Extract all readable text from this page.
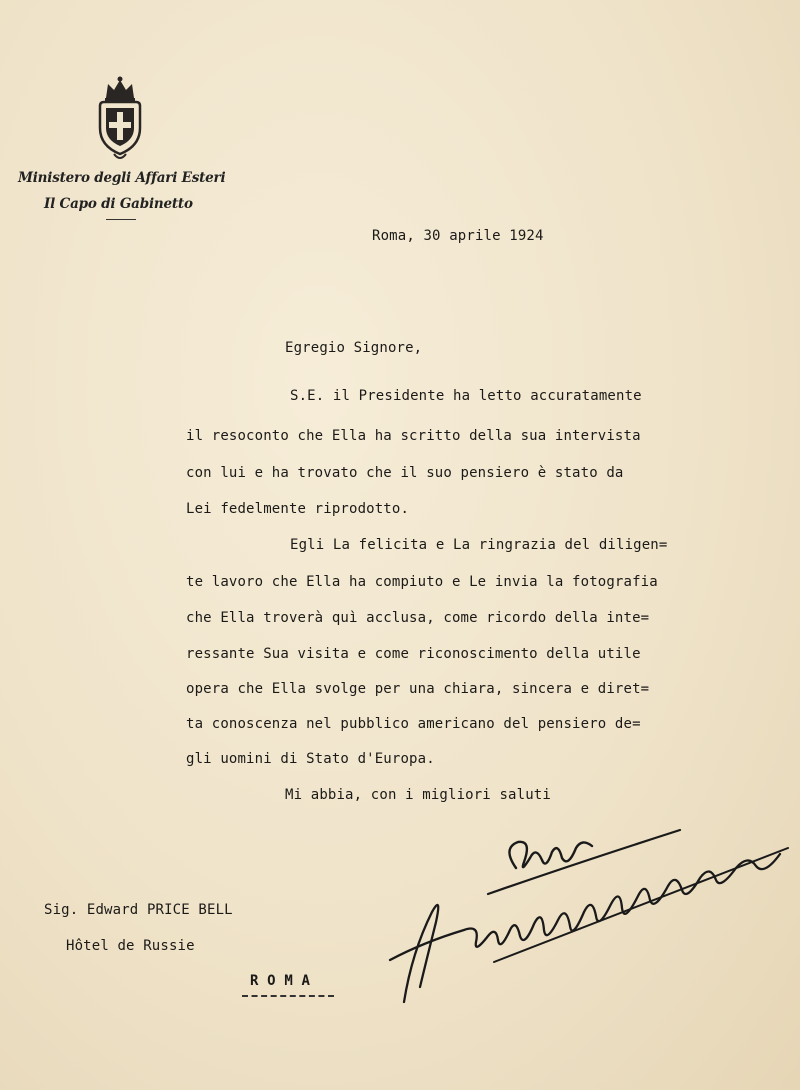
Ministero degli Affari Esteri
Il Capo di Gabinetto
Roma, 30 aprile 1924
Egregio Signore,
S.E. il Presidente ha letto accuratamente
il resoconto che Ella ha scritto della sua intervista
con lui e ha trovato che il suo pensiero è stato da
Lei fedelmente riprodotto.
Egli La felicita e La ringrazia del diligen=
te lavoro che Ella ha compiuto e Le invia la fotografia
che Ella troverà quì acclusa, come ricordo della inte=
ressante Sua visita e come riconoscimento della utile
opera che Ella svolge per una chiara, sincera e diret=
ta conoscenza nel pubblico americano del pensiero de=
gli uomini di Stato d'Europa.
Mi abbia, con i migliori saluti
Sig. Edward PRICE BELL
Hôtel de Russie
R O M A
